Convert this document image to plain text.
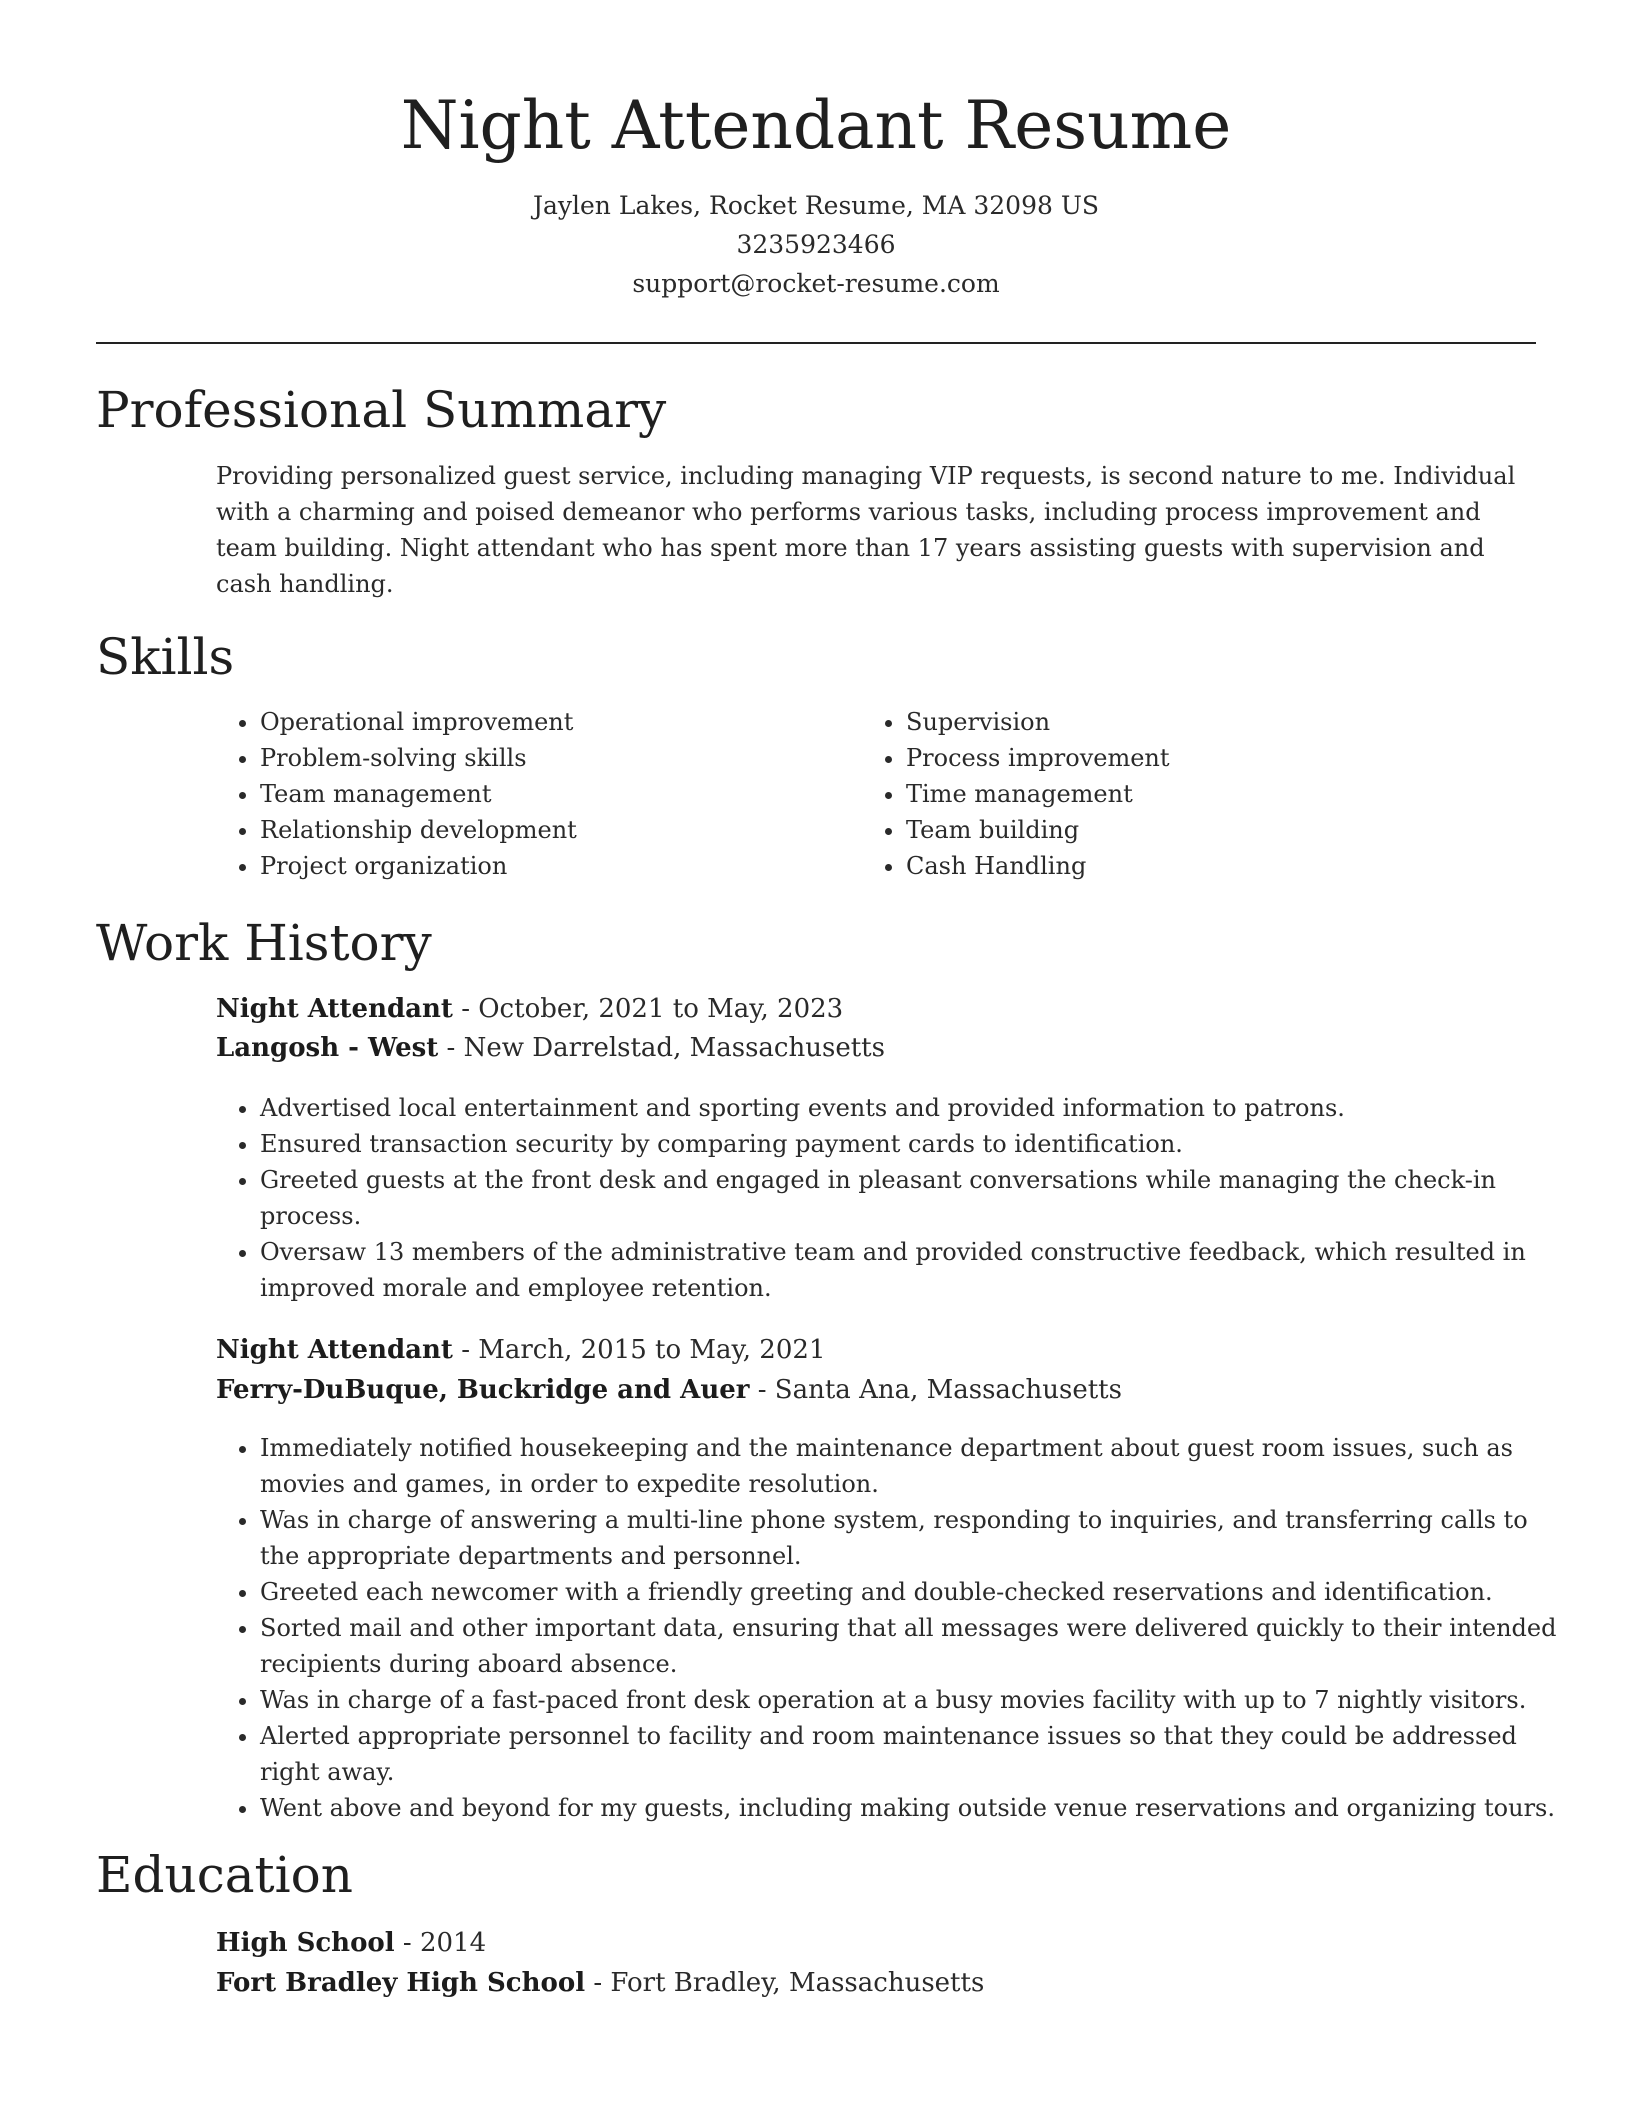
Night Attendant Resume
Jaylen Lakes, Rocket Resume, MA 32098 US
3235923466
support@rocket-resume.com
Professional Summary

Providing personalized guest service, including managing VIP requests, is second nature to me. Individual with a charming and poised demeanor who performs various tasks, including process improvement and team building. Night attendant who has spent more than 17 years assisting guests with supervision and cash handling.

Skills
• Operational improvement
• Problem-solving skills
• Team management
• Relationship development
• Project organization
• Supervision
• Process improvement
• Time management
• Team building
• Cash Handling
Work History
Night Attendant - October, 2021 to May, 2023
Langosh - West - New Darrelstad, Massachusetts
• Advertised local entertainment and sporting events and provided information to patrons.
• Ensured transaction security by comparing payment cards to identification.
• Greeted guests at the front desk and engaged in pleasant conversations while managing the check-in process.
• Oversaw 13 members of the administrative team and provided constructive feedback, which resulted in improved morale and employee retention.
Night Attendant - March, 2015 to May, 2021
Ferry-DuBuque, Buckridge and Auer - Santa Ana, Massachusetts
• Immediately notified housekeeping and the maintenance department about guest room issues, such as movies and games, in order to expedite resolution.
• Was in charge of answering a multi-line phone system, responding to inquiries, and transferring calls to the appropriate departments and personnel.
• Greeted each newcomer with a friendly greeting and double-checked reservations and identification.
• Sorted mail and other important data, ensuring that all messages were delivered quickly to their intended recipients during aboard absence.
• Was in charge of a fast-paced front desk operation at a busy movies facility with up to 7 nightly visitors.
• Alerted appropriate personnel to facility and room maintenance issues so that they could be addressed right away.
• Went above and beyond for my guests, including making outside venue reservations and organizing tours.
Education
High School - 2014
Fort Bradley High School - Fort Bradley, Massachusetts
